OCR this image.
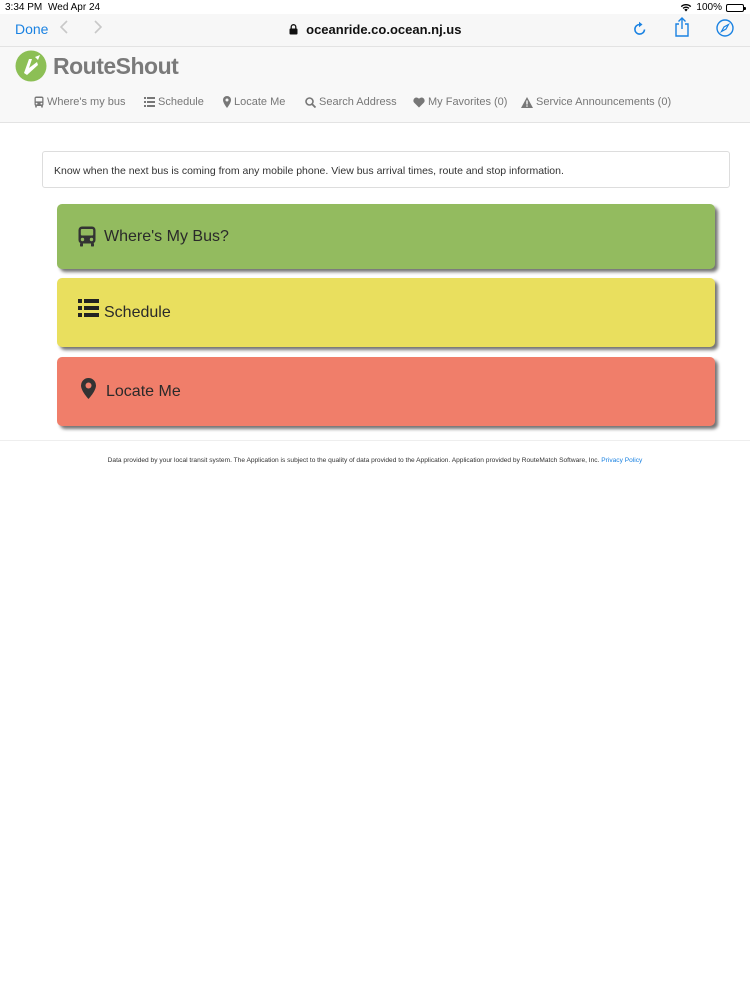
3:34 PM Wed Apr 24	100%
Done	oceanride.co.ocean.nj.us
RouteShout
Where's my bus	Schedule	Locate Me	Search Address	My Favorites (0)	Service Announcements (0)
Know when the next bus is coming from any mobile phone. View bus arrival times, route and stop information.
Where's My Bus?
Schedule
Locate Me
Data provided by your local transit system. The Application is subject to the quality of data provided to the Application. Application provided by RouteMatch Software, Inc. Privacy Policy
